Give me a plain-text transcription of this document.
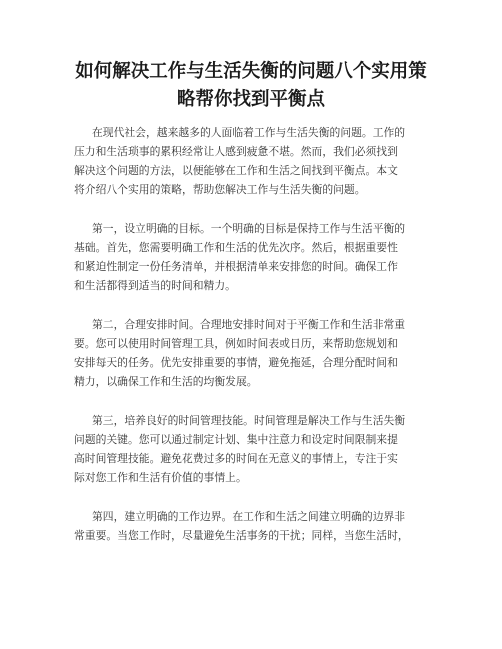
如何解决工作与生活失衡的问题八个实用策
略帮你找到平衡点

在现代社会，越来越多的人面临着工作与生活失衡的问题。工作的
压力和生活琐事的累积经常让人感到疲惫不堪。然而，我们必须找到
解决这个问题的方法，以便能够在工作和生活之间找到平衡点。本文
将介绍八个实用的策略，帮助您解决工作与生活失衡的问题。

第一，设立明确的目标。一个明确的目标是保持工作与生活平衡的
基础。首先，您需要明确工作和生活的优先次序。然后，根据重要性
和紧迫性制定一份任务清单，并根据清单来安排您的时间。确保工作
和生活都得到适当的时间和精力。

第二，合理安排时间。合理地安排时间对于平衡工作和生活非常重
要。您可以使用时间管理工具，例如时间表或日历，来帮助您规划和
安排每天的任务。优先安排重要的事情，避免拖延，合理分配时间和
精力，以确保工作和生活的均衡发展。

第三，培养良好的时间管理技能。时间管理是解决工作与生活失衡
问题的关键。您可以通过制定计划、集中注意力和设定时间限制来提
高时间管理技能。避免花费过多的时间在无意义的事情上，专注于实
际对您工作和生活有价值的事情上。

第四，建立明确的工作边界。在工作和生活之间建立明确的边界非
常重要。当您工作时，尽量避免生活事务的干扰；同样，当您生活时，
